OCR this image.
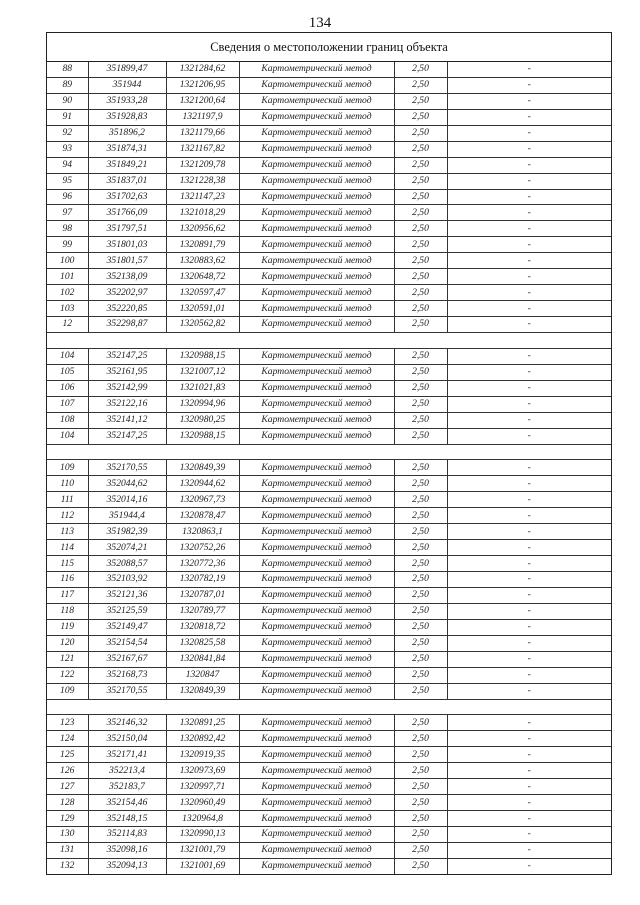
134
Сведения о местоположении границ объекта
88	351899,47	1321284,62	Картометрический метод	2,50	-
89	351944	1321206,95	Картометрический метод	2,50	-
90	351933,28	1321200,64	Картометрический метод	2,50	-
91	351928,83	1321197,9	Картометрический метод	2,50	-
92	351896,2	1321179,66	Картометрический метод	2,50	-
93	351874,31	1321167,82	Картометрический метод	2,50	-
94	351849,21	1321209,78	Картометрический метод	2,50	-
95	351837,01	1321228,38	Картометрический метод	2,50	-
96	351702,63	1321147,23	Картометрический метод	2,50	-
97	351766,09	1321018,29	Картометрический метод	2,50	-
98	351797,51	1320956,62	Картометрический метод	2,50	-
99	351801,03	1320891,79	Картометрический метод	2,50	-
100	351801,57	1320883,62	Картометрический метод	2,50	-
101	352138,09	1320648,72	Картометрический метод	2,50	-
102	352202,97	1320597,47	Картометрический метод	2,50	-
103	352220,85	1320591,01	Картометрический метод	2,50	-
12	352298,87	1320562,82	Картометрический метод	2,50	-

104	352147,25	1320988,15	Картометрический метод	2,50	-
105	352161,95	1321007,12	Картометрический метод	2,50	-
106	352142,99	1321021,83	Картометрический метод	2,50	-
107	352122,16	1320994,96	Картометрический метод	2,50	-
108	352141,12	1320980,25	Картометрический метод	2,50	-
104	352147,25	1320988,15	Картометрический метод	2,50	-

109	352170,55	1320849,39	Картометрический метод	2,50	-
110	352044,62	1320944,62	Картометрический метод	2,50	-
111	352014,16	1320967,73	Картометрический метод	2,50	-
112	351944,4	1320878,47	Картометрический метод	2,50	-
113	351982,39	1320863,1	Картометрический метод	2,50	-
114	352074,21	1320752,26	Картометрический метод	2,50	-
115	352088,57	1320772,36	Картометрический метод	2,50	-
116	352103,92	1320782,19	Картометрический метод	2,50	-
117	352121,36	1320787,01	Картометрический метод	2,50	-
118	352125,59	1320789,77	Картометрический метод	2,50	-
119	352149,47	1320818,72	Картометрический метод	2,50	-
120	352154,54	1320825,58	Картометрический метод	2,50	-
121	352167,67	1320841,84	Картометрический метод	2,50	-
122	352168,73	1320847	Картометрический метод	2,50	-
109	352170,55	1320849,39	Картометрический метод	2,50	-

123	352146,32	1320891,25	Картометрический метод	2,50	-
124	352150,04	1320892,42	Картометрический метод	2,50	-
125	352171,41	1320919,35	Картометрический метод	2,50	-
126	352213,4	1320973,69	Картометрический метод	2,50	-
127	352183,7	1320997,71	Картометрический метод	2,50	-
128	352154,46	1320960,49	Картометрический метод	2,50	-
129	352148,15	1320964,8	Картометрический метод	2,50	-
130	352114,83	1320990,13	Картометрический метод	2,50	-
131	352098,16	1321001,79	Картометрический метод	2,50	-
132	352094,13	1321001,69	Картометрический метод	2,50	-
